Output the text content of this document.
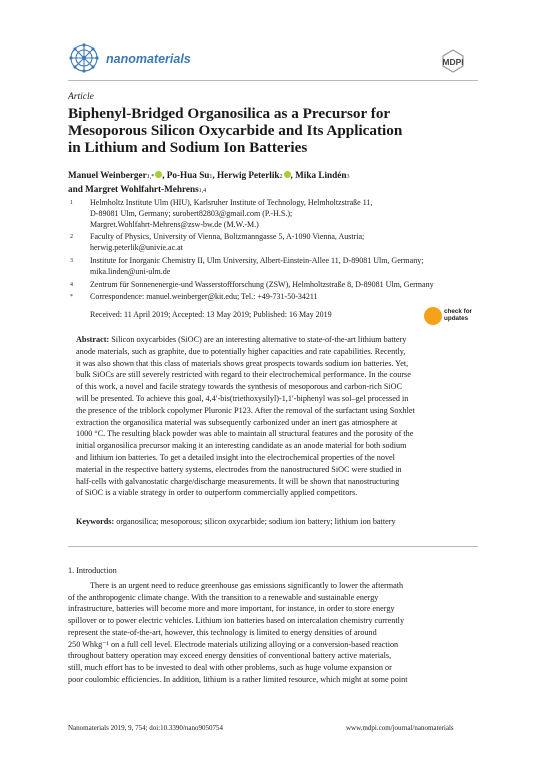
nanomaterials	MDPI
Article
Biphenyl-Bridged Organosilica as a Precursor for
Mesoporous Silicon Oxycarbide and Its Application
in Lithium and Sodium Ion Batteries
Manuel Weinberger 1,* , Po-Hua Su 1 , Herwig Peterlik 2 , Mika Lindén 3
and Margret Wohlfahrt-Mehrens 1,4
1 Helmholtz Institute Ulm (HIU), Karlsruher Institute of Technology, Helmholtzstraße 11,
D-89081 Ulm, Germany; surobert82803@gmail.com (P.-H.S.);
Margret.Wohlfahrt-Mehrens@zsw-bw.de (M.W.-M.)
2 Faculty of Physics, University of Vienna, Boltzmanngasse 5, A-1090 Vienna, Austria;
herwig.peterlik@univie.ac.at
3 Institute for Inorganic Chemistry II, Ulm University, Albert-Einstein-Allee 11, D-89081 Ulm, Germany;
mika.linden@uni-ulm.de
4 Zentrum für Sonnenenergie-und Wasserstoffforschung (ZSW), Helmholtzstraße 8, D-89081 Ulm, Germany
* Correspondence: manuel.weinberger@kit.edu; Tel.: +49-731-50-34211
Received: 11 April 2019; Accepted: 13 May 2019; Published: 16 May 2019	check for
updates
Abstract: Silicon oxycarbides (SiOC) are an interesting alternative to state-of-the-art lithium battery
anode materials, such as graphite, due to potentially higher capacities and rate capabilities. Recently,
it was also shown that this class of materials shows great prospects towards sodium ion batteries. Yet,
bulk SiOCs are still severely restricted with regard to their electrochemical performance. In the course
of this work, a novel and facile strategy towards the synthesis of mesoporous and carbon-rich SiOC
will be presented. To achieve this goal, 4,4′-bis(triethoxysilyl)-1,1′-biphenyl was sol–gel processed in
the presence of the triblock copolymer Pluronic P123. After the removal of the surfactant using Soxhlet
extraction the organosilica material was subsequently carbonized under an inert gas atmosphere at
1000 °C. The resulting black powder was able to maintain all structural features and the porosity of the
initial organosilica precursor making it an interesting candidate as an anode material for both sodium
and lithium ion batteries. To get a detailed insight into the electrochemical properties of the novel
material in the respective battery systems, electrodes from the nanostructured SiOC were studied in
half-cells with galvanostatic charge/discharge measurements. It will be shown that nanostructuring
of SiOC is a viable strategy in order to outperform commercially applied competitors.
Keywords: organosilica; mesoporous; silicon oxycarbide; sodium ion battery; lithium ion battery
1. Introduction
There is an urgent need to reduce greenhouse gas emissions significantly to lower the aftermath
of the anthropogenic climate change. With the transition to a renewable and sustainable energy
infrastructure, batteries will become more and more important, for instance, in order to store energy
spillover or to power electric vehicles. Lithium ion batteries based on intercalation chemistry currently
represent the state-of-the-art, however, this technology is limited to energy densities of around
250 Whkg⁻¹ on a full cell level. Electrode materials utilizing alloying or a conversion-based reaction
throughout battery operation may exceed energy densities of conventional battery active materials,
still, much effort has to be invested to deal with other problems, such as huge volume expansion or
poor coulombic efficiencies. In addition, lithium is a rather limited resource, which might at some point
Nanomaterials 2019, 9, 754; doi:10.3390/nano9050754	www.mdpi.com/journal/nanomaterials
